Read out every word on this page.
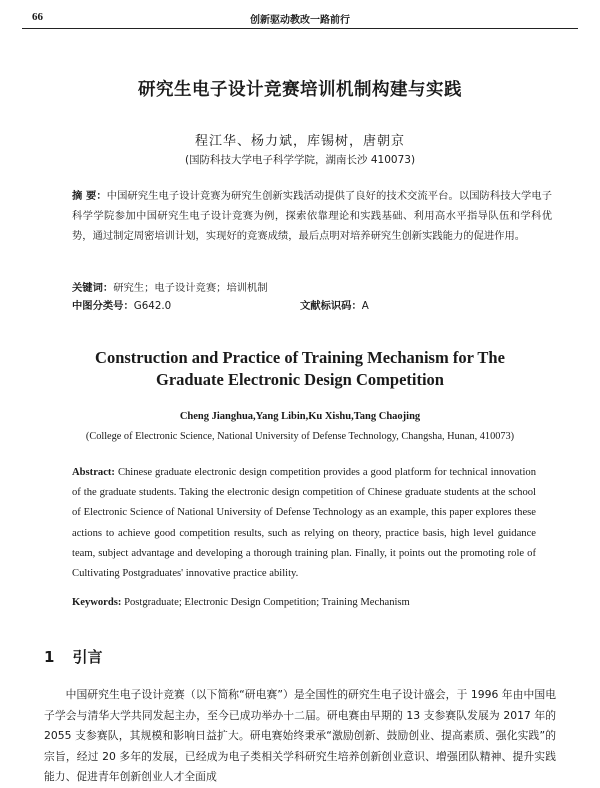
66	创新驱动教改一路前行
研究生电子设计竞赛培训机制构建与实践
程江华、杨力斌，库锡树，唐朝京
(国防科技大学电子科学学院，湖南长沙 410073)

摘 要：中国研究生电子设计竞赛为研究生创新实践活动提供了良好的技术交流平台。以国防科技大学电子科学学院参加中国研究生电子设计竞赛为例，探索依靠理论和实践基础、利用高水平指导队伍和学科优势，通过制定周密培训计划，实现好的竞赛成绩，最后点明对培养研究生创新实践能力的促进作用。

关键词：研究生；电子设计竞赛；培训机制
中图分类号：G642.0	文献标识码：A
Construction and Practice of Training Mechanism for The
Graduate Electronic Design Competition
Cheng Jianghua,Yang Libin,Ku Xishu,Tang Chaojing
(College of Electronic Science, National University of Defense Technology, Changsha, Hunan, 410073)

Abstract: Chinese graduate electronic design competition provides a good platform for technical innovation of the graduate students. Taking the electronic design competition of Chinese graduate students at the school of Electronic Science of National University of Defense Technology as an example, this paper explores these actions to achieve good competition results, such as relying on theory, practice basis, high level guidance team, subject advantage and developing a thorough training plan. Finally, it points out the promoting role of Cultivating Postgraduates' innovative practice ability.

Keywords: Postgraduate; Electronic Design Competition; Training Mechanism
1 引言

中国研究生电子设计竞赛（以下简称“研电赛”）是全国性的研究生电子设计盛会，于 1996 年由中国电子学会与清华大学共同发起主办，至今已成功举办十二届。研电赛由早期的 13 支参赛队发展为 2017 年的 2055 支参赛队，其规模和影响日益扩大。研电赛始终秉承“激励创新、鼓励创业、提高素质、强化实践”的宗旨，经过 20 多年的发展，已经成为电子类相关学科研究生培养创新创业意识、增强团队精神、提升实践能力、促进青年创新创业人才全面成
